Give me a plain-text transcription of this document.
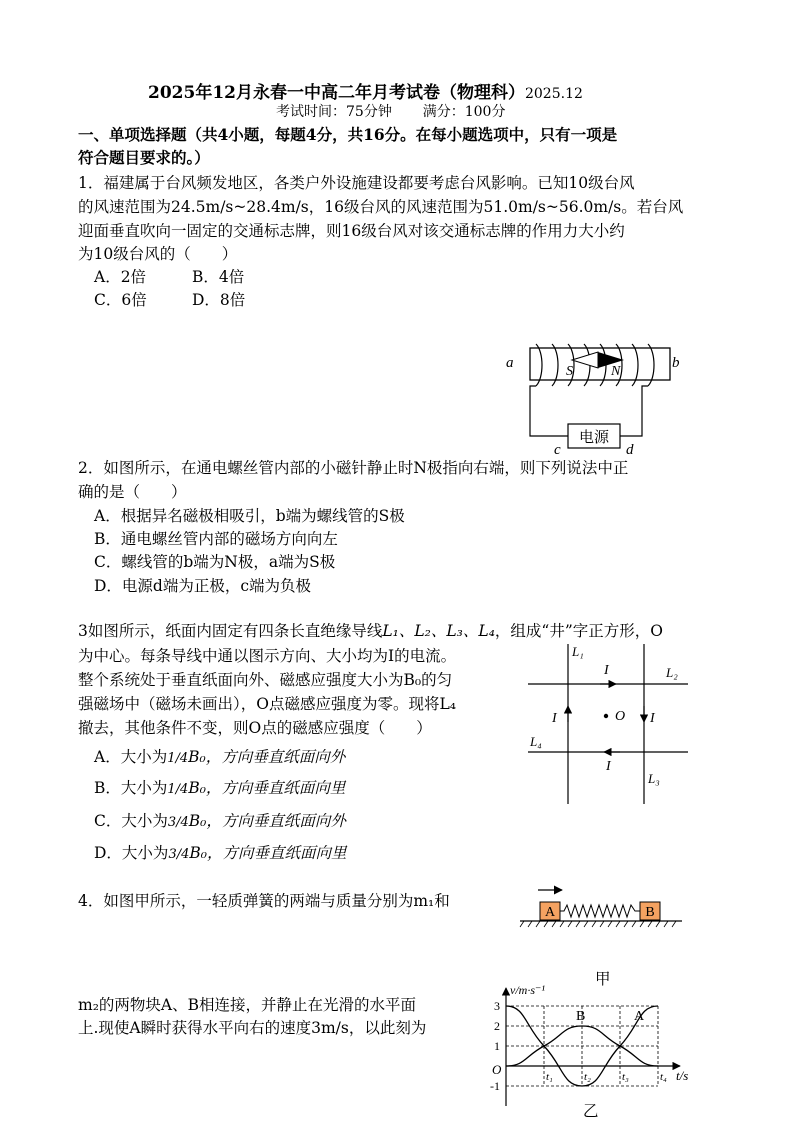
2025年12月永春一中高二年月考试卷（物理科）2025.12
考试时间：75分钟 满分：100分
一、单项选择题（共4小题，每题4分，共16分。在每小题选项中，只有一项是
符合题目要求的。）
1．福建属于台风频发地区，各类户外设施建设都要考虑台风影响。已知10级台风
的风速范围为24.5m/s~28.4m/s，16级台风的风速范围为51.0m/s~56.0m/s。若台风
迎面垂直吹向一固定的交通标志牌，则16级台风对该交通标志牌的作用力大小约
为10级台风的（　　）
A．2倍	B．4倍
C．6倍	D．8倍
S	N
a	b
电源
c	d
2．如图所示，在通电螺丝管内部的小磁针静止时N极指向右端，则下列说法中正
确的是（　　）
A．根据异名磁极相吸引，b端为螺线管的S极
B．通电螺丝管内部的磁场方向向左
C．螺线管的b端为N极，a端为S极
D．电源d端为正极，c端为负极
3如图所示，纸面内固定有四条长直绝缘导线L₁、L₂、L₃、L₄，组成“井”字正方形，O
为中心。每条导线中通以图示方向、大小均为I的电流。
整个系统处于垂直纸面向外、磁感应强度大小为B₀的匀
强磁场中（磁场未画出），O点磁感应强度为零。现将L₄
撤去，其他条件不变，则O点的磁感应强度（　　）
A．大小为1/4B₀，方向垂直纸面向外
B．大小为1/4B₀，方向垂直纸面向里
C．大小为3/4B₀，方向垂直纸面向外
D．大小为3/4B₀，方向垂直纸面向里
O
L₁
L₂
L₃
L₄
I
I
I	I
A	B
甲
4．如图甲所示，一轻质弹簧的两端与质量分别为m₁和
m₂的两物块A、B相连接，并静止在光滑的水平面
上.现使A瞬时获得水平向右的速度3m/s，以此刻为
v/m·s⁻¹
t/s
O
3
2
1
-1
t₁	t₂	t₃	t₄
A
B
乙
